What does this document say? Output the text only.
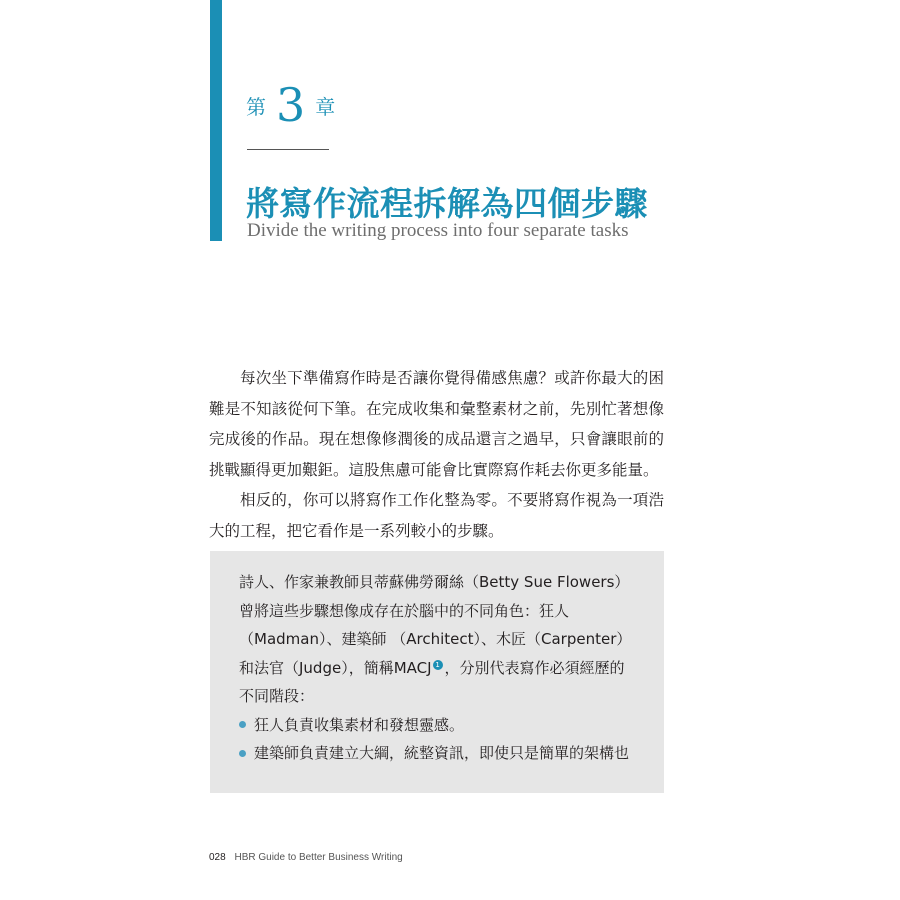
第 3 章
將寫作流程拆解為四個步驟
Divide the writing process into four separate tasks

每次坐下準備寫作時是否讓你覺得備感焦慮？或許你最大的困難是不知該從何下筆。在完成收集和彙整素材之前，先別忙著想像完成後的作品。現在想像修潤後的成品還言之過早，只會讓眼前的挑戰顯得更加艱鉅。這股焦慮可能會比實際寫作耗去你更多能量。

相反的，你可以將寫作工作化整為零。不要將寫作視為一項浩大的工程，把它看作是一系列較小的步驟。

詩人、作家兼教師貝蒂蘇佛勞爾絲（Betty Sue Flowers）曾將這些步驟想像成存在於腦中的不同角色：狂人（Madman）、建築師 （Architect）、木匠（Carpenter）和法官（Judge），簡稱MACJ 1 ，分別代表寫作必須經歷的不同階段：

狂人負責收集素材和發想靈感。
建築師負責建立大綱，統整資訊，即使只是簡單的架構也
028 HBR Guide to Better Business Writing
